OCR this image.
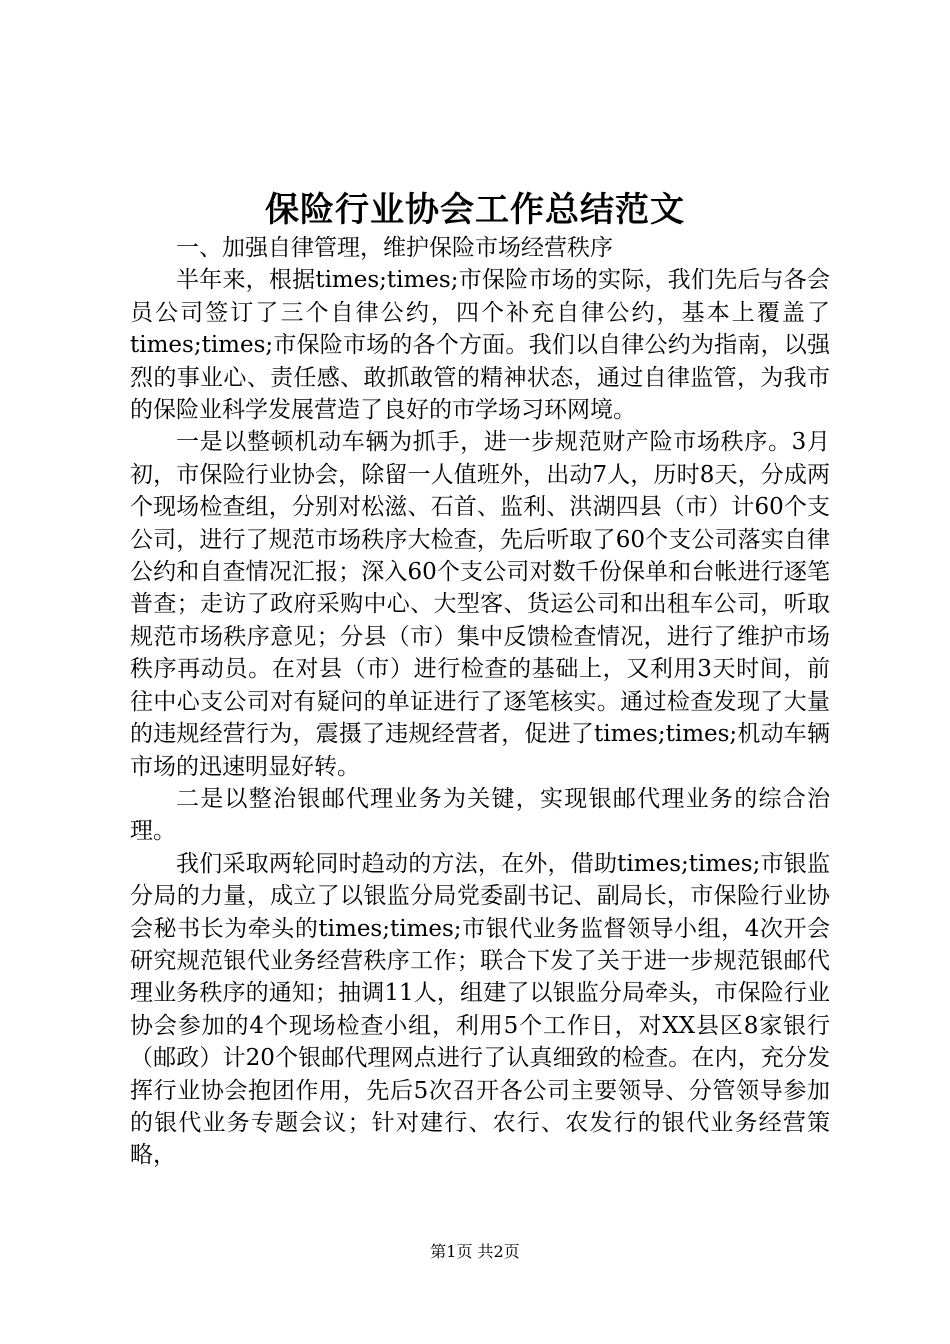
保险行业协会工作总结范文

一、加强自律管理，维护保险市场经营秩序

半年来，根据times;times;市保险市场的实际，我们先后与各会员公司签订了三个自律公约，四个补充自律公约，基本上覆盖了times;times;市保险市场的各个方面。我们以自律公约为指南，以强烈的事业心、责任感、敢抓敢管的精神状态，通过自律监管，为我市的保险业科学发展营造了良好的市学场习环网境。

一是以整顿机动车辆为抓手，进一步规范财产险市场秩序。3月初，市保险行业协会，除留一人值班外，出动7人，历时8天，分成两个现场检查组，分别对松滋、石首、监利、洪湖四县（市）计60个支公司，进行了规范市场秩序大检查，先后听取了60个支公司落实自律公约和自查情况汇报；深入60个支公司对数千份保单和台帐进行逐笔普查；走访了政府采购中心、大型客、货运公司和出租车公司，听取规范市场秩序意见；分县（市）集中反馈检查情况，进行了维护市场秩序再动员。在对县（市）进行检查的基础上，又利用3天时间，前往中心支公司对有疑问的单证进行了逐笔核实。通过检查发现了大量的违规经营行为，震摄了违规经营者，促进了times;times;机动车辆市场的迅速明显好转。

二是以整治银邮代理业务为关键，实现银邮代理业务的综合治理。

我们采取两轮同时趋动的方法，在外，借助times;times;市银监分局的力量，成立了以银监分局党委副书记、副局长，市保险行业协会秘书长为牵头的times;times;市银代业务监督领导小组，4次开会研究规范银代业务经营秩序工作；联合下发了关于进一步规范银邮代理业务秩序的通知；抽调11人，组建了以银监分局牵头，市保险行业协会参加的4个现场检查小组，利用5个工作日，对XX县区8家银行（邮政）计20个银邮代理网点进行了认真细致的检查。在内，充分发挥行业协会抱团作用，先后5次召开各公司主要领导、分管领导参加的银代业务专题会议；针对建行、农行、农发行的银代业务经营策略，

第1页 共2页
